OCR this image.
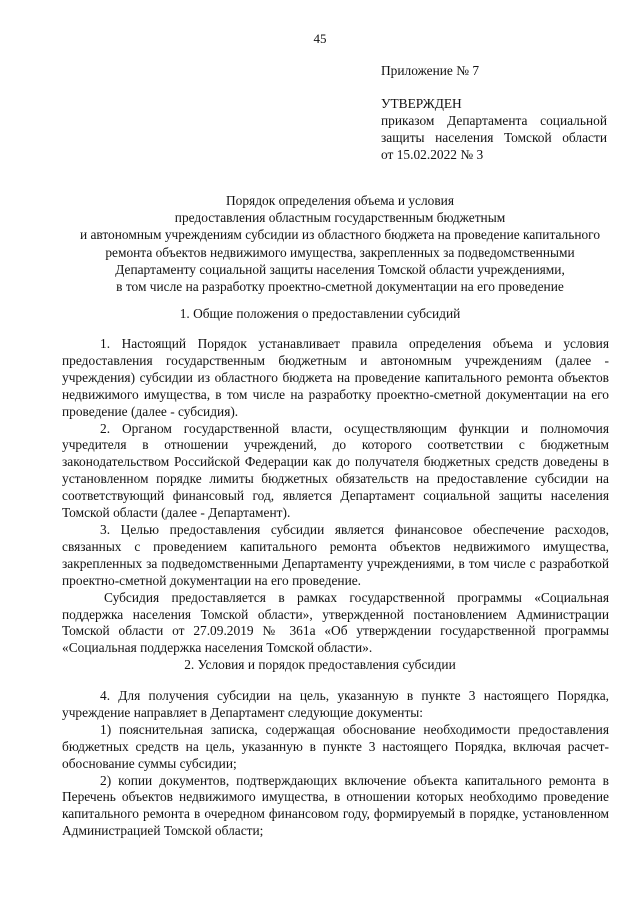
45
Приложение № 7
УТВЕРЖДЕН
приказом Департамента социальной
защиты населения Томской области
от 15.02.2022 № 3
Порядок определения объема и условия
предоставления областным государственным бюджетным
и автономным учреждениям субсидии из областного бюджета на проведение капитального
ремонта объектов недвижимого имущества, закрепленных за подведомственными
Департаменту социальной защиты населения Томской области учреждениями,
в том числе на разработку проектно-сметной документации на его проведение
1. Общие положения о предоставлении субсидий

1. Настоящий Порядок устанавливает правила определения объема и условия предоставления государственным бюджетным и автономным учреждениям (далее - учреждения) субсидии из областного бюджета на проведение капитального ремонта объектов недвижимого имущества, в том числе на разработку проектно-сметной документации на его проведение (далее - субсидия).

2. Органом государственной власти, осуществляющим функции и полномочия учредителя в отношении учреждений, до которого соответствии с бюджетным законодательством Российской Федерации как до получателя бюджетных средств доведены в установленном порядке лимиты бюджетных обязательств на предоставление субсидии на соответствующий финансовый год, является Департамент социальной защиты населения Томской области (далее - Департамент).

3. Целью предоставления субсидии является финансовое обеспечение расходов, связанных с проведением капитального ремонта объектов недвижимого имущества, закрепленных за подведомственными Департаменту учреждениями, в том числе с разработкой проектно-сметной документации на его проведение.

Субсидия предоставляется в рамках государственной программы «Социальная поддержка населения Томской области», утвержденной постановлением Администрации Томской области от 27.09.2019 № 361а «Об утверждении государственной программы «Социальная поддержка населения Томской области».

2. Условия и порядок предоставления субсидии

4. Для получения субсидии на цель, указанную в пункте 3 настоящего Порядка, учреждение направляет в Департамент следующие документы:

1) пояснительная записка, содержащая обоснование необходимости предоставления бюджетных средств на цель, указанную в пункте 3 настоящего Порядка, включая расчет-обоснование суммы субсидии;

2) копии документов, подтверждающих включение объекта капитального ремонта в Перечень объектов недвижимого имущества, в отношении которых необходимо проведение капитального ремонта в очередном финансовом году, формируемый в порядке, установленном Администрацией Томской области;
